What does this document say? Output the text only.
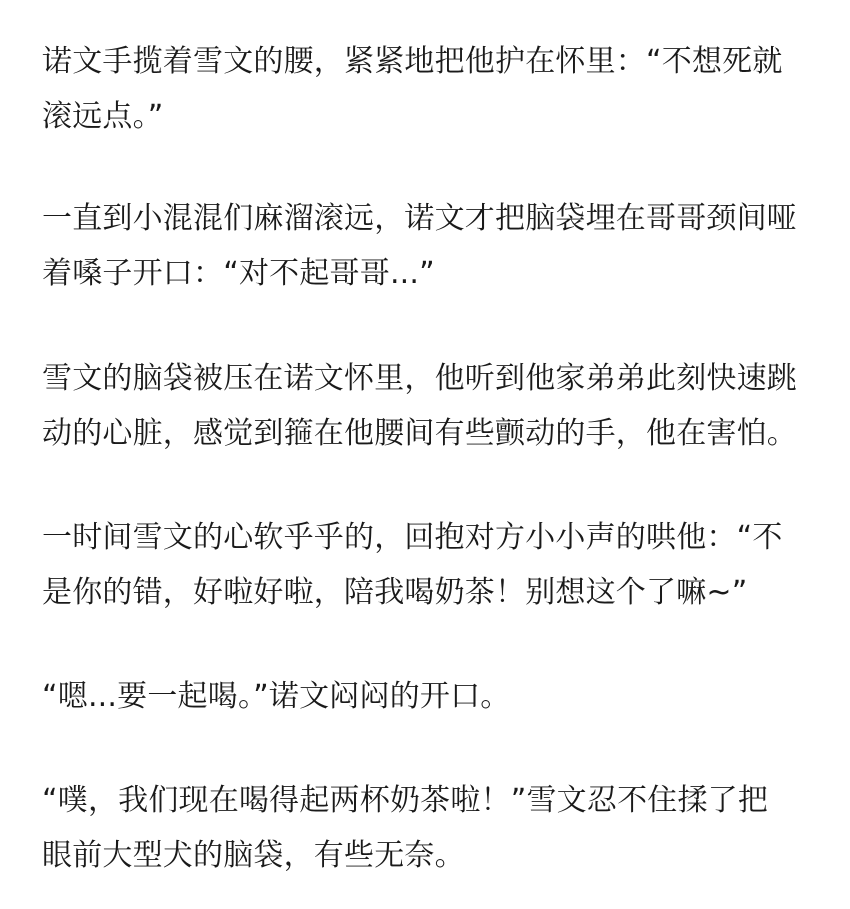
诺文手揽着雪文的腰，紧紧地把他护在怀里：“不想死就
滚远点。”

一直到小混混们麻溜滚远，诺文才把脑袋埋在哥哥颈间哑
着嗓子开口：“对不起哥哥...”

雪文的脑袋被压在诺文怀里，他听到他家弟弟此刻快速跳
动的心脏，感觉到箍在他腰间有些颤动的手，他在害怕。

一时间雪文的心软乎乎的，回抱对方小小声的哄他：“不
是你的错，好啦好啦，陪我喝奶茶！别想这个了嘛~”

“嗯...要一起喝。”诺文闷闷的开口。

“噗，我们现在喝得起两杯奶茶啦！”雪文忍不住揉了把
眼前大型犬的脑袋，有些无奈。
